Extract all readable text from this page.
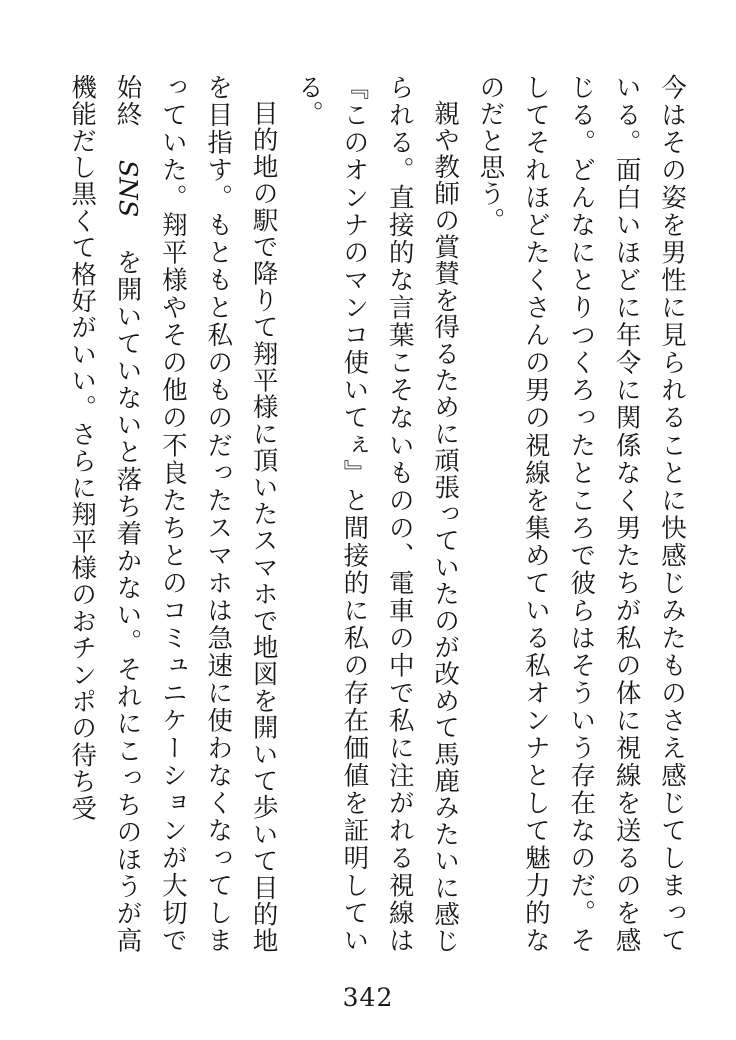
今はその姿を男性に見られることに快感じみたものさえ感じてしまっている。面白いほどに年令に関係なく男たちが私の体に視線を送るのを感じる。どんなにとりつくろったところで彼らはそういう存在なのだ。そしてそれほどたくさんの男の視線を集めている私オンナとして魅力的なのだと思う。

親や教師の賞賛を得るために頑張っていたのが改めて馬鹿みたいに感じられる。直接的な言葉こそないものの、電車の中で私に注がれる視線は『このオンナのマンコ使いてぇ』と間接的に私の存在価値を証明している。

目的地の駅で降りて翔平様に頂いたスマホで地図を開いて歩いて目的地を目指す。もともと私のものだったスマホは急速に使わなくなってしまっていた。翔平様やその他の不良たちとのコミュニケーションが大切で始終 SNS を開いていないと落ち着かない。それにこっちのほうが高機能だし黒くて格好がいい。さらに翔平様のおチンポの待ち受

342
